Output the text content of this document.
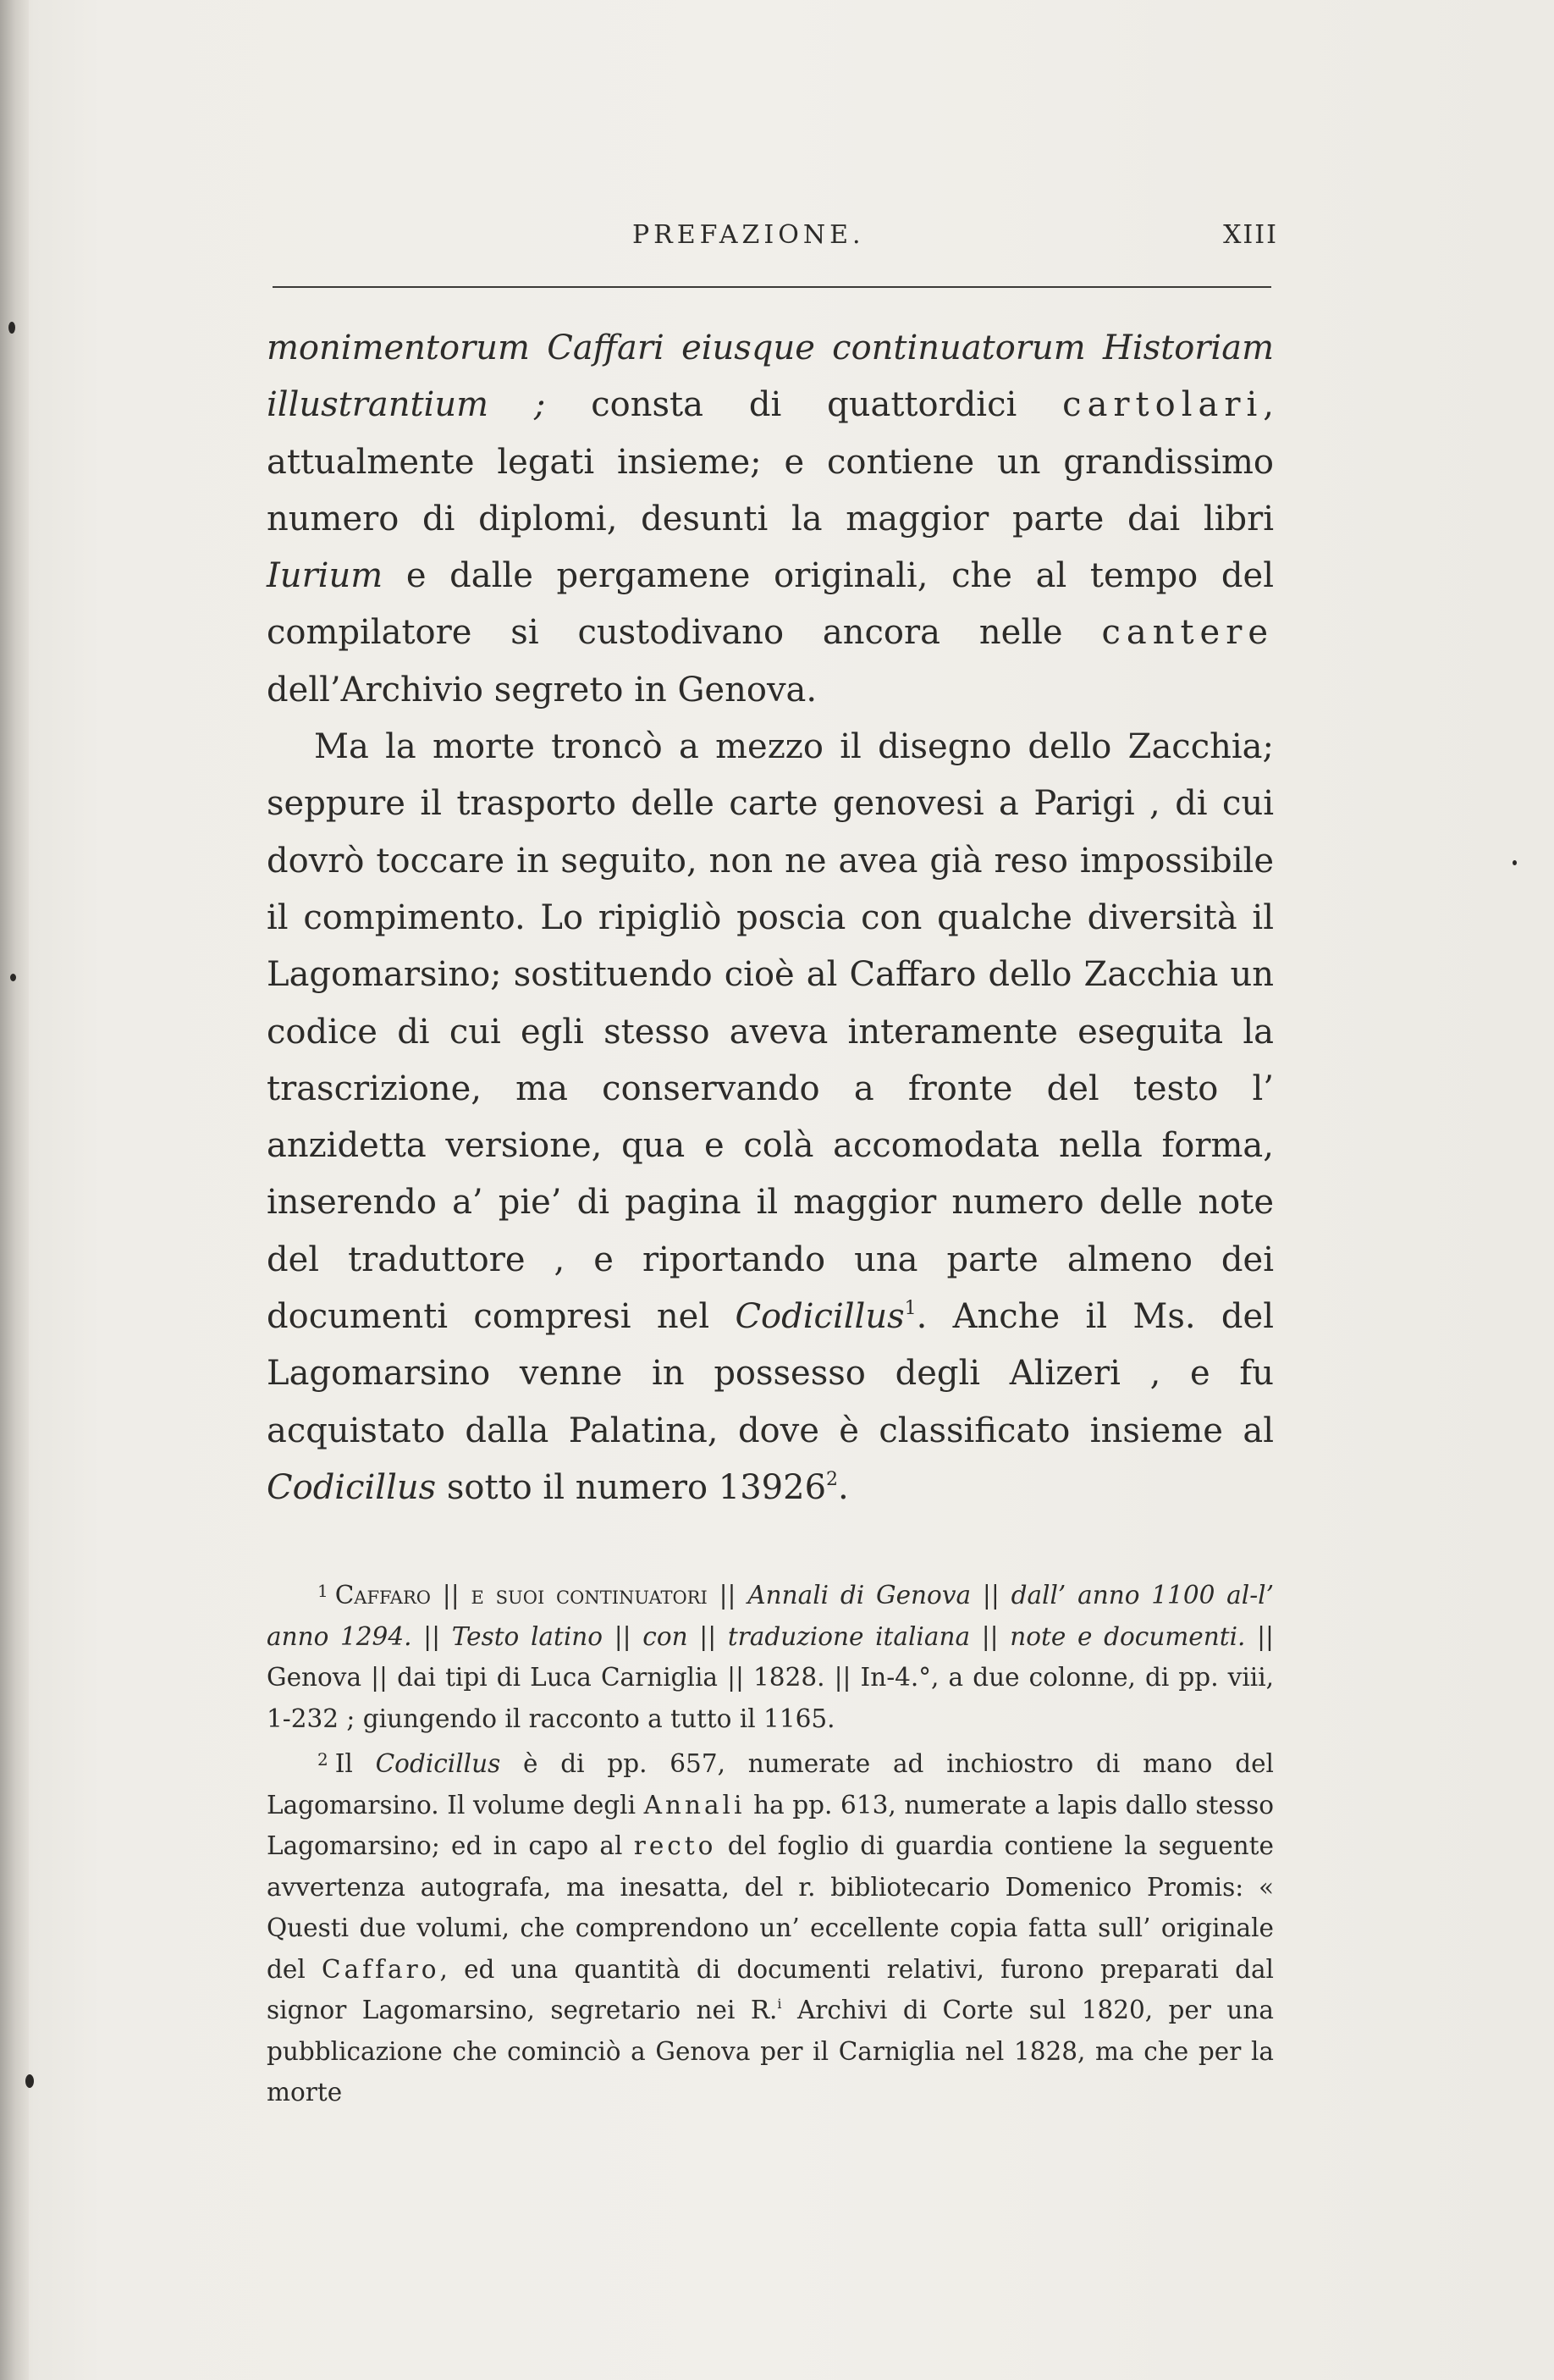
PREFAZIONE.	XIII

monimentorum Caffari eiusque continuatorum Historiam illustrantium ; consta di quattordici cartolari, attualmente legati insieme; e contiene un grandissimo numero di diplomi, desunti la maggior parte dai libri Iurium e dalle pergamene originali, che al tempo del compilatore si custodivano ancora nelle cantere dell’Archivio segreto in Genova.

Ma la morte troncò a mezzo il disegno dello Zacchia; seppure il trasporto delle carte genovesi a Parigi , di cui dovrò toccare in seguito, non ne avea già reso impossibile il compimento. Lo ripigliò poscia con qualche diversità il Lagomarsino; sostituendo cioè al Caffaro dello Zacchia un codice di cui egli stesso aveva interamente eseguita la trascrizione, ma conservando a fronte del testo l’ anzidetta versione, qua e colà accomodata nella forma, inserendo a’ pie’ di pagina il maggior numero delle note del traduttore , e riportando una parte almeno dei documenti compresi nel Codicillus$^1$. Anche il Ms. del Lagomarsino venne in possesso degli Alizeri , e fu acquistato dalla Palatina, dove è classificato insieme al Codicillus sotto il numero 13926$^2$.

$^1$ Caffaro || e suoi continuatori || Annali di Genova || dall’ anno 1100 al-l’ anno 1294. || Testo latino || con || traduzione italiana || note e documenti. || Genova || dai tipi di Luca Carniglia || 1828. || In-4.°, a due colonne, di pp. viii, 1-232 ; giungendo il racconto a tutto il 1165.

$^2$ Il Codicillus è di pp. 657, numerate ad inchiostro di mano del Lagomarsino. Il volume degli Annali ha pp. 613, numerate a lapis dallo stesso Lagomarsino; ed in capo al recto del foglio di guardia contiene la seguente avvertenza autografa, ma inesatta, del r. bibliotecario Domenico Promis: « Questi due volumi, che comprendono un’ eccellente copia fatta sull’ originale del Caffaro, ed una quantità di documenti relativi, furono preparati dal signor Lagomarsino, segretario nei R.$^i$ Archivi di Corte sul 1820, per una pubblicazione che cominciò a Genova per il Carniglia nel 1828, ma che per la morte
